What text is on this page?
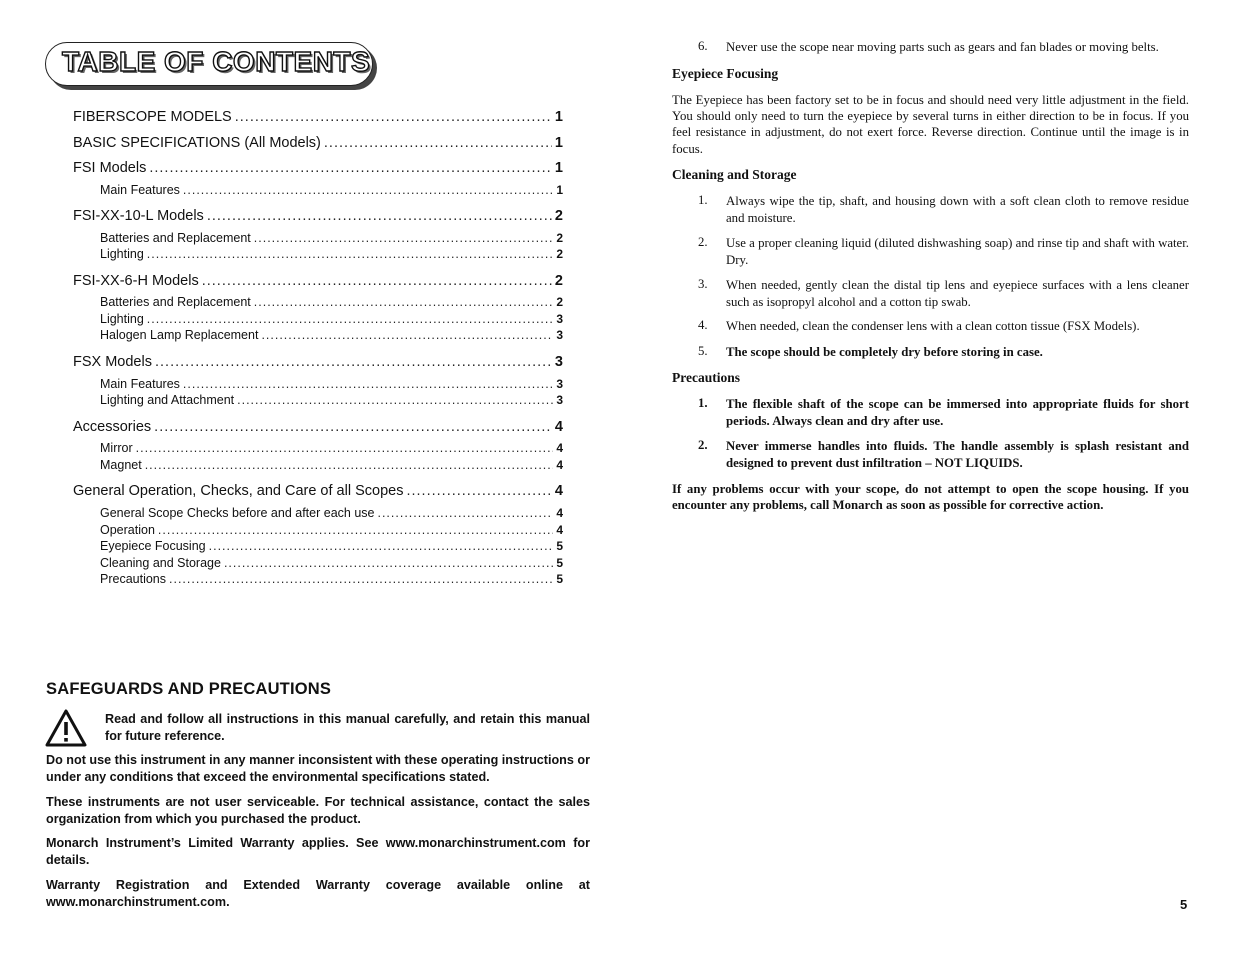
TABLE OF CONTENTS
FIBERSCOPE MODELS .....	1
BASIC SPECIFICATIONS (All Models) .....	1
FSI Models .....	1
Main Features .....	1
FSI-XX-10-L Models .....	2
Batteries and Replacement .....	2
Lighting .....	2
FSI-XX-6-H Models .....	2
Batteries and Replacement .....	2
Lighting .....	3
Halogen Lamp Replacement .....	3
FSX Models .....	3
Main Features .....	3
Lighting and Attachment .....	3
Accessories .....	4
Mirror .....	4
Magnet .....	4
General Operation, Checks, and Care of all Scopes .....	4
General Scope Checks before and after each use .....	4
Operation .....	4
Eyepiece Focusing .....	5
Cleaning and Storage .....	5
Precautions .....	5
SAFEGUARDS AND PRECAUTIONS
Read and follow all instructions in this manual carefully, and retain this manual for future reference.
Do not use this instrument in any manner inconsistent with these operating instructions or under any conditions that exceed the environmental specifications stated.
These instruments are not user serviceable. For technical assistance, contact the sales organization from which you purchased the product.
Monarch Instrument’s Limited Warranty applies. See www.monarchinstrument.com for details.
Warranty Registration and Extended Warranty coverage available online at www.monarchinstrument.com.
6.	Never use the scope near moving parts such as gears and fan blades or moving belts.
Eyepiece Focusing
The Eyepiece has been factory set to be in focus and should need very little adjustment in the field. You should only need to turn the eyepiece by several turns in either direction to be in focus. If you feel resistance in adjustment, do not exert force. Reverse direction. Continue until the image is in focus.
Cleaning and Storage
1.	Always wipe the tip, shaft, and housing down with a soft clean cloth to remove residue and moisture.
2.	Use a proper cleaning liquid (diluted dishwashing soap) and rinse tip and shaft with water. Dry.
3.	When needed, gently clean the distal tip lens and eyepiece surfaces with a lens cleaner such as isopropyl alcohol and a cotton tip swab.
4.	When needed, clean the condenser lens with a clean cotton tissue (FSX Models).
5.	The scope should be completely dry before storing in case.
Precautions
1.	The flexible shaft of the scope can be immersed into appropriate fluids for short periods. Always clean and dry after use.
2.	Never immerse handles into fluids. The handle assembly is splash resistant and designed to prevent dust infiltration – NOT LIQUIDS.
If any problems occur with your scope, do not attempt to open the scope housing. If you encounter any problems, call Monarch as soon as possible for corrective action.
5
